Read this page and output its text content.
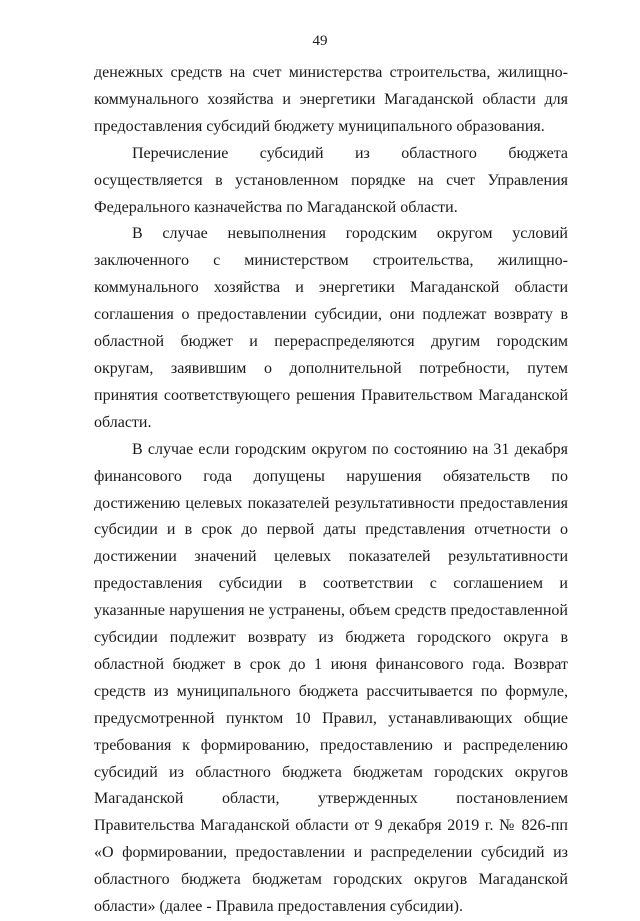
49

денежных средств на счет министерства строительства, жилищно-коммунального хозяйства и энергетики Магаданской области для предоставления субсидий бюджету муниципального образования.

Перечисление субсидий из областного бюджета осуществляется в установленном порядке на счет Управления Федерального казначейства по Магаданской области.

В случае невыполнения городским округом условий заключенного с министерством строительства, жилищно-коммунального хозяйства и энергетики Магаданской области соглашения о предоставлении субсидии, они подлежат возврату в областной бюджет и перераспределяются другим городским округам, заявившим о дополнительной потребности, путем принятия соответствующего решения Правительством Магаданской области.

В случае если городским округом по состоянию на 31 декабря финансового года допущены нарушения обязательств по достижению целевых показателей результативности предоставления субсидии и в срок до первой даты представления отчетности о достижении значений целевых показателей результативности предоставления субсидии в соответствии с соглашением и указанные нарушения не устранены, объем средств предоставленной субсидии подлежит возврату из бюджета городского округа в областной бюджет в срок до 1 июня финансового года. Возврат средств из муниципального бюджета рассчитывается по формуле, предусмотренной пунктом 10 Правил, устанавливающих общие требования к формированию, предоставлению и распределению субсидий из областного бюджета бюджетам городских округов Магаданской области, утвержденных постановлением Правительства Магаданской области от 9 декабря 2019 г. № 826-пп «О формировании, предоставлении и распределении субсидий из областного бюджета бюджетам городских округов Магаданской области» (далее - Правила предоставления субсидии).
